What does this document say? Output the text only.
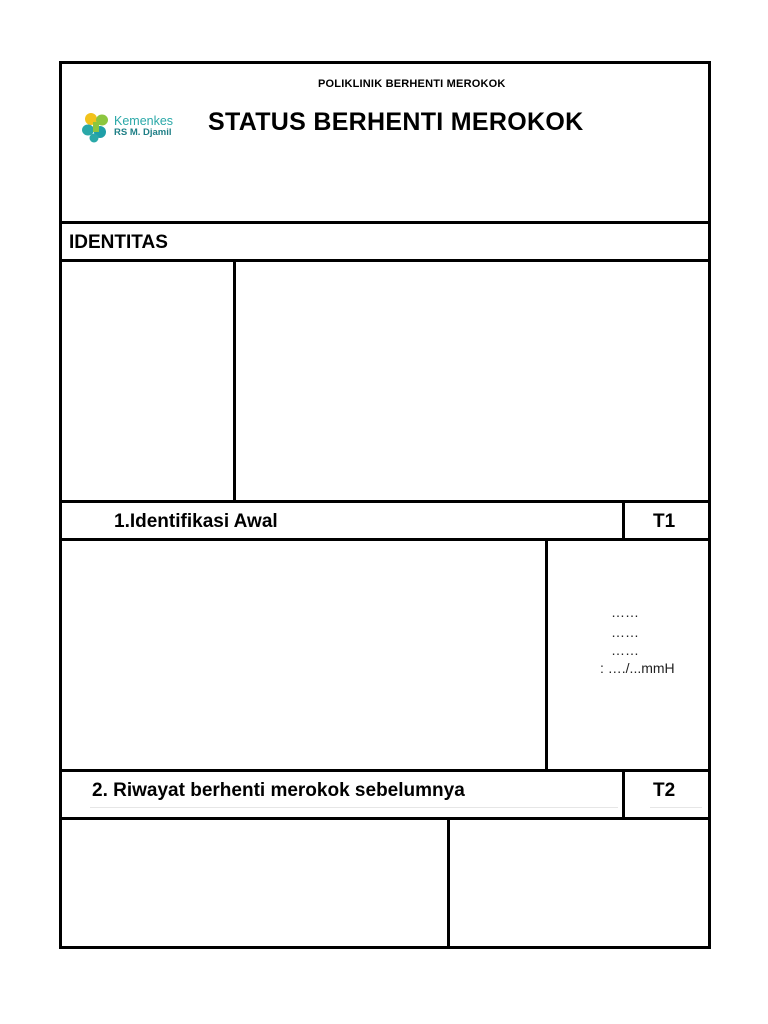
Kemenkes
RS M. Djamil
POLIKLINIK BERHENTI MEROKOK
STATUS BERHENTI MEROKOK
IDENTITAS
1.Identifikasi Awal	T1
……
……
……
: …./...mmH
2. Riwayat berhenti merokok sebelumnya	T2
